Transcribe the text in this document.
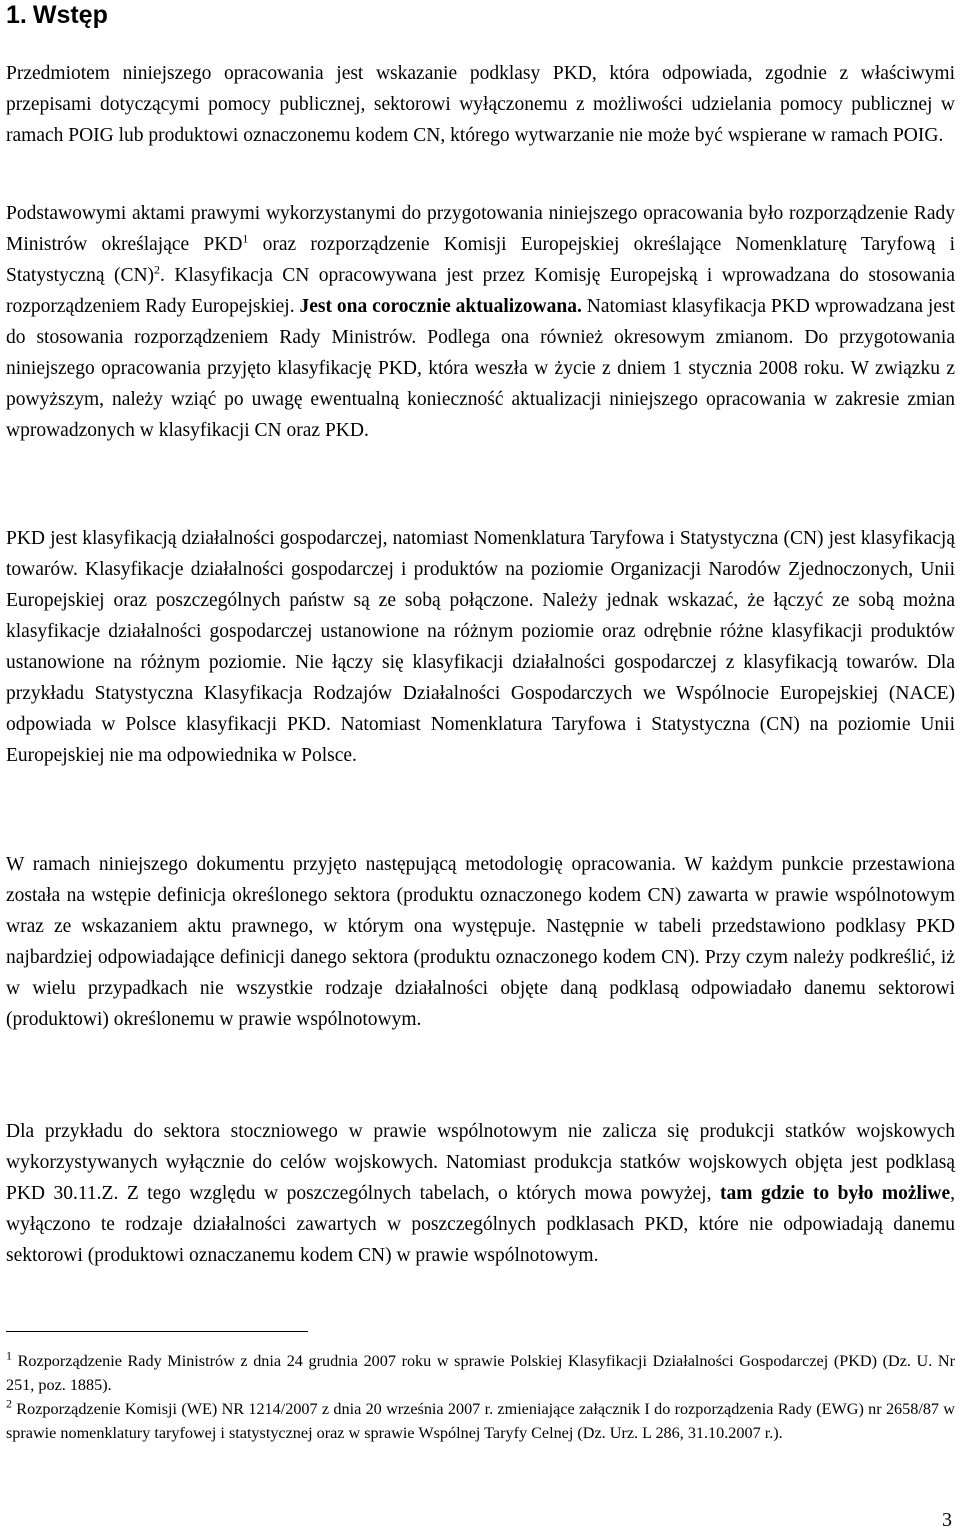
1. Wstęp

Przedmiotem niniejszego opracowania jest wskazanie podklasy PKD, która odpowiada, zgodnie z właściwymi przepisami dotyczącymi pomocy publicznej, sektorowi wyłączonemu z możliwości udzielania pomocy publicznej w ramach POIG lub produktowi oznaczonemu kodem CN, którego wytwarzanie nie może być wspierane w ramach POIG.

Podstawowymi aktami prawymi wykorzystanymi do przygotowania niniejszego opracowania było rozporządzenie Rady Ministrów określające PKD$^1$ oraz rozporządzenie Komisji Europejskiej określające Nomenklaturę Taryfową i Statystyczną (CN)$^2$. Klasyfikacja CN opracowywana jest przez Komisję Europejską i wprowadzana do stosowania rozporządzeniem Rady Europejskiej. Jest ona corocznie aktualizowana. Natomiast klasyfikacja PKD wprowadzana jest do stosowania rozporządzeniem Rady Ministrów. Podlega ona również okresowym zmianom. Do przygotowania niniejszego opracowania przyjęto klasyfikację PKD, która weszła w życie z dniem 1 stycznia 2008 roku. W związku z powyższym, należy wziąć po uwagę ewentualną konieczność aktualizacji niniejszego opracowania w zakresie zmian wprowadzonych w klasyfikacji CN oraz PKD.

PKD jest klasyfikacją działalności gospodarczej, natomiast Nomenklatura Taryfowa i Statystyczna (CN) jest klasyfikacją towarów. Klasyfikacje działalności gospodarczej i produktów na poziomie Organizacji Narodów Zjednoczonych, Unii Europejskiej oraz poszczególnych państw są ze sobą połączone. Należy jednak wskazać, że łączyć ze sobą można klasyfikacje działalności gospodarczej ustanowione na różnym poziomie oraz odrębnie różne klasyfikacji produktów ustanowione na różnym poziomie. Nie łączy się klasyfikacji działalności gospodarczej z klasyfikacją towarów. Dla przykładu Statystyczna Klasyfikacja Rodzajów Działalności Gospodarczych we Wspólnocie Europejskiej (NACE) odpowiada w Polsce klasyfikacji PKD. Natomiast Nomenklatura Taryfowa i Statystyczna (CN) na poziomie Unii Europejskiej nie ma odpowiednika w Polsce.

W ramach niniejszego dokumentu przyjęto następującą metodologię opracowania. W każdym punkcie przestawiona została na wstępie definicja określonego sektora (produktu oznaczonego kodem CN) zawarta w prawie wspólnotowym wraz ze wskazaniem aktu prawnego, w którym ona występuje. Następnie w tabeli przedstawiono podklasy PKD najbardziej odpowiadające definicji danego sektora (produktu oznaczonego kodem CN). Przy czym należy podkreślić, iż w wielu przypadkach nie wszystkie rodzaje działalności objęte daną podklasą odpowiadało danemu sektorowi (produktowi) określonemu w prawie wspólnotowym.

Dla przykładu do sektora stoczniowego w prawie wspólnotowym nie zalicza się produkcji statków wojskowych wykorzystywanych wyłącznie do celów wojskowych. Natomiast produkcja statków wojskowych objęta jest podklasą PKD 30.11.Z. Z tego względu w poszczególnych tabelach, o których mowa powyżej, tam gdzie to było możliwe, wyłączono te rodzaje działalności zawartych w poszczególnych podklasach PKD, które nie odpowiadają danemu sektorowi (produktowi oznaczanemu kodem CN) w prawie wspólnotowym.

$^1$ Rozporządzenie Rady Ministrów z dnia 24 grudnia 2007 roku w sprawie Polskiej Klasyfikacji Działalności Gospodarczej (PKD) (Dz. U. Nr 251, poz. 1885).

$^2$ Rozporządzenie Komisji (WE) NR 1214/2007 z dnia 20 września 2007 r. zmieniające załącznik I do rozporządzenia Rady (EWG) nr 2658/87 w sprawie nomenklatury taryfowej i statystycznej oraz w sprawie Wspólnej Taryfy Celnej (Dz. Urz. L 286, 31.10.2007 r.).

3
